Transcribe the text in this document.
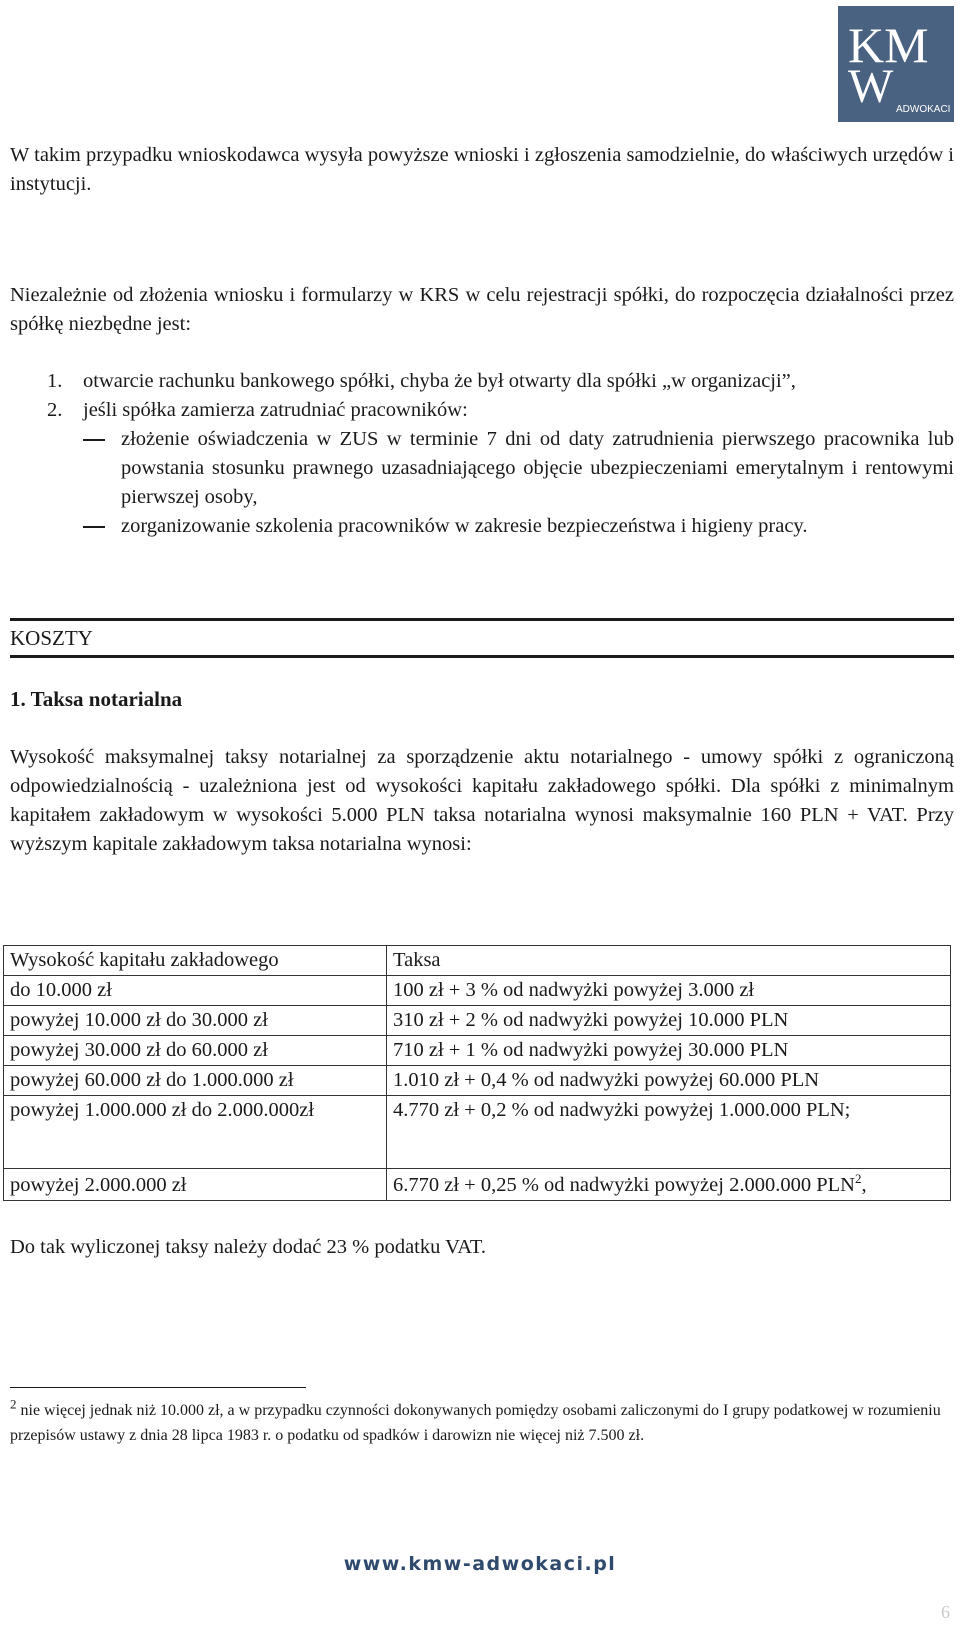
KM
W ADWOKACI
W takim przypadku wnioskodawca wysyła powyższe wnioski i zgłoszenia samodzielnie, do właściwych urzędów i instytucji.
Niezależnie od złożenia wniosku i formularzy w KRS w celu rejestracji spółki, do rozpoczęcia działalności przez spółkę niezbędne jest:
1. otwarcie rachunku bankowego spółki, chyba że był otwarty dla spółki „w organizacji”,
2. jeśli spółka zamierza zatrudniać pracowników:
złożenie oświadczenia w ZUS w terminie 7 dni od daty zatrudnienia pierwszego pracownika lub powstania stosunku prawnego uzasadniającego objęcie ubezpieczeniami emerytalnym i rentowymi pierwszej osoby,
zorganizowanie szkolenia pracowników w zakresie bezpieczeństwa i higieny pracy.
KOSZTY
1. Taksa notarialna
Wysokość maksymalnej taksy notarialnej za sporządzenie aktu notarialnego - umowy spółki z ograniczoną odpowiedzialnością - uzależniona jest od wysokości kapitału zakładowego spółki. Dla spółki z minimalnym kapitałem zakładowym w wysokości 5.000 PLN taksa notarialna wynosi maksymalnie 160 PLN + VAT. Przy wyższym kapitale zakładowym taksa notarialna wynosi:
Wysokość kapitału zakładowego	Taksa
do 10.000 zł	100 zł + 3 % od nadwyżki powyżej 3.000 zł
powyżej 10.000 zł do 30.000 zł	310 zł + 2 % od nadwyżki powyżej 10.000 PLN
powyżej 30.000 zł do 60.000 zł	710 zł + 1 % od nadwyżki powyżej 30.000 PLN
powyżej 60.000 zł do 1.000.000 zł	1.010 zł + 0,4 % od nadwyżki powyżej 60.000 PLN
powyżej 1.000.000 zł do 2.000.000zł	4.770 zł + 0,2 % od nadwyżki powyżej 1.000.000 PLN;
powyżej 2.000.000 zł	6.770 zł + 0,25 % od nadwyżki powyżej 2.000.000 PLN$^2$,
Do tak wyliczonej taksy należy dodać 23 % podatku VAT.
$^2$ nie więcej jednak niż 10.000 zł, a w przypadku czynności dokonywanych pomiędzy osobami zaliczonymi do I grupy podatkowej w rozumieniu przepisów ustawy z dnia 28 lipca 1983 r. o podatku od spadków i darowizn nie więcej niż 7.500 zł.
www.kmw-adwokaci.pl
6
